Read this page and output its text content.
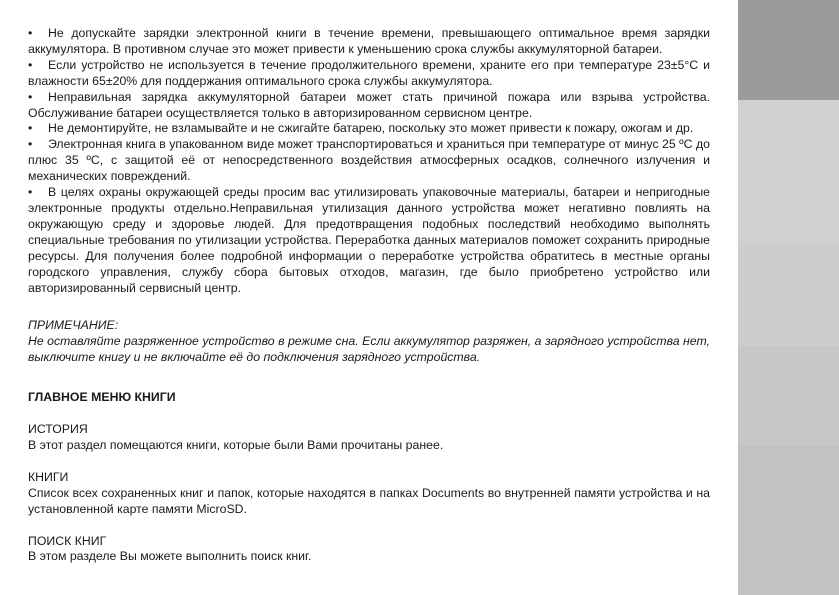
• Не допускайте зарядки электронной книги в течение времени, превышающего оптимальное время зарядки аккумулятора. В противном случае это может привести к уменьшению срока службы аккумуляторной батареи.

• Если устройство не используется в течение продолжительного времени, храните его при температуре 23±5°С и влажности 65±20% для поддержания оптимального срока службы аккумулятора.

• Неправильная зарядка аккумуляторной батареи может стать причиной пожара или взрыва устройства. Обслуживание батареи осуществляется только в авторизированном сервисном центре.

• Не демонтируйте, не взламывайте и не сжигайте батарею, поскольку это может привести к пожару, ожогам и др.

• Электронная книга в упакованном виде может транспортироваться и храниться при температуре от минус 25 ºС до плюс 35 ºС, с защитой её от непосредственного воздействия атмосферных осадков, солнечного излучения и механических повреждений.

• В целях охраны окружающей среды просим вас утилизировать упаковочные материалы, батареи и непригодные электронные продукты отдельно.Неправильная утилизация данного устройства может негативно повлиять на окружающую среду и здоровье людей. Для предотвращения подобных последствий необходимо выполнять специальные требования по утилизации устройства. Переработка данных материалов поможет сохранить природные ресурсы. Для получения более подробной информации о переработке устройства обратитесь в местные органы городского управления, службу сбора бытовых отходов, магазин, где было приобретено устройство или авторизированный сервисный центр.

ПРИМЕЧАНИЕ:

Не оставляйте разряженное устройство в режиме сна. Если аккумулятор разряжен, а зарядного устройства нет, выключите книгу и не включайте её до подключения зарядного устройства.

ГЛАВНОЕ МЕНЮ КНИГИ

ИСТОРИЯ

В этот раздел помещаются книги, которые были Вами прочитаны ранее.

КНИГИ

Список всех сохраненных книг и папок, которые находятся в папках Documents во внутренней памяти устройства и на установленной карте памяти MicroSD.

ПОИСК КНИГ

В этом разделе Вы можете выполнить поиск книг.
